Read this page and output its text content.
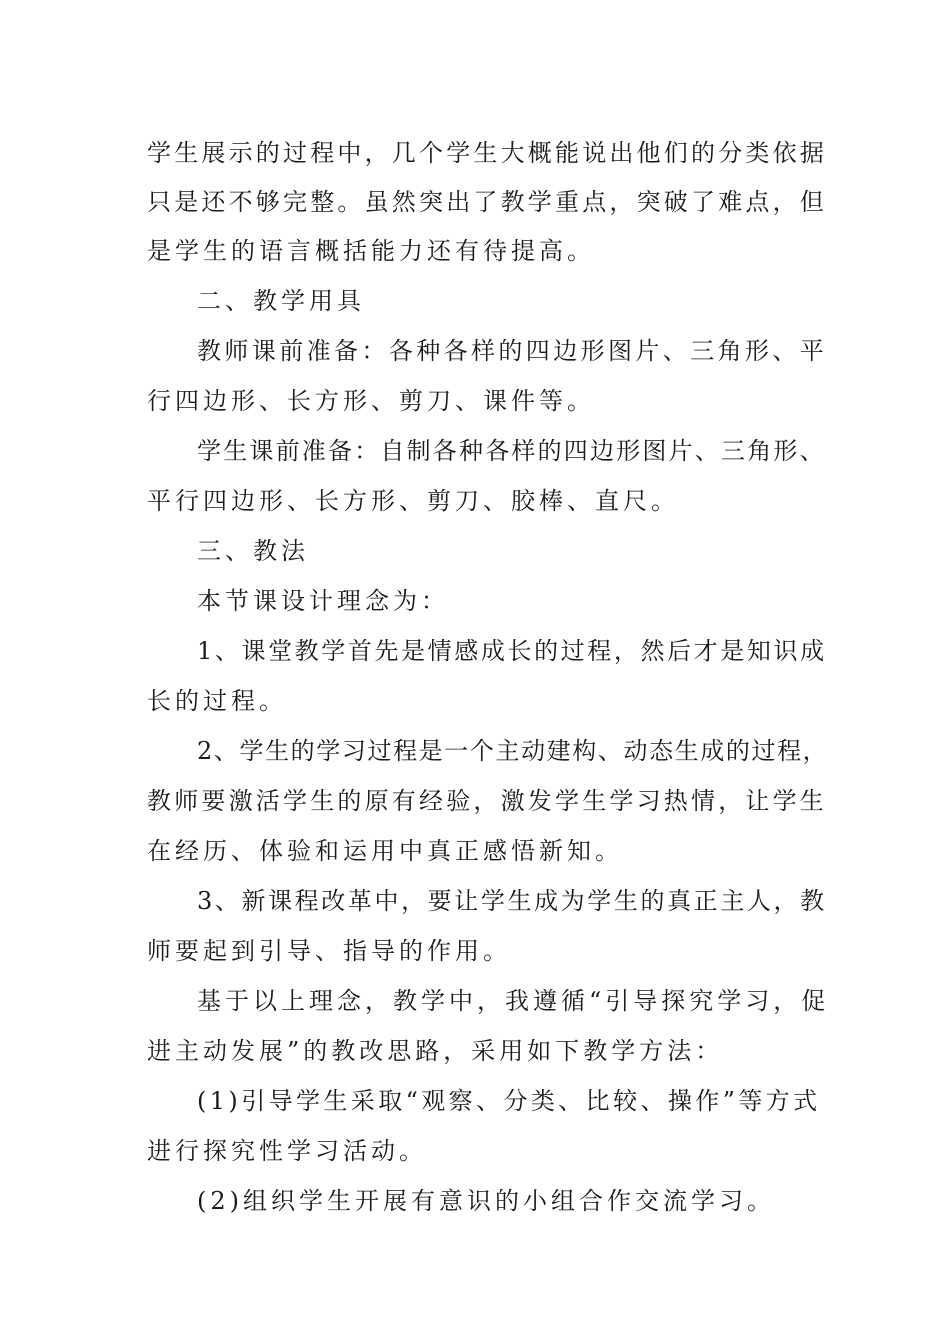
学生展示的过程中，几个学生大概能说出他们的分类依据
只是还不够完整。虽然突出了教学重点，突破了难点，但
是学生的语言概括能力还有待提高。
二、教学用具
教师课前准备：各种各样的四边形图片、三角形、平
行四边形、长方形、剪刀、课件等。
学生课前准备：自制各种各样的四边形图片、三角形、
平行四边形、长方形、剪刀、胶棒、直尺。
三、教法
本节课设计理念为：
1、课堂教学首先是情感成长的过程，然后才是知识成
长的过程。
2、学生的学习过程是一个主动建构、动态生成的过程，
教师要激活学生的原有经验，激发学生学习热情，让学生
在经历、体验和运用中真正感悟新知。
3、新课程改革中，要让学生成为学生的真正主人，教
师要起到引导、指导的作用。
基于以上理念，教学中，我遵循“引导探究学习，促
进主动发展”的教改思路，采用如下教学方法：
(1)引导学生采取“观察、分类、比较、操作”等方式
进行探究性学习活动。
(2)组织学生开展有意识的小组合作交流学习。
